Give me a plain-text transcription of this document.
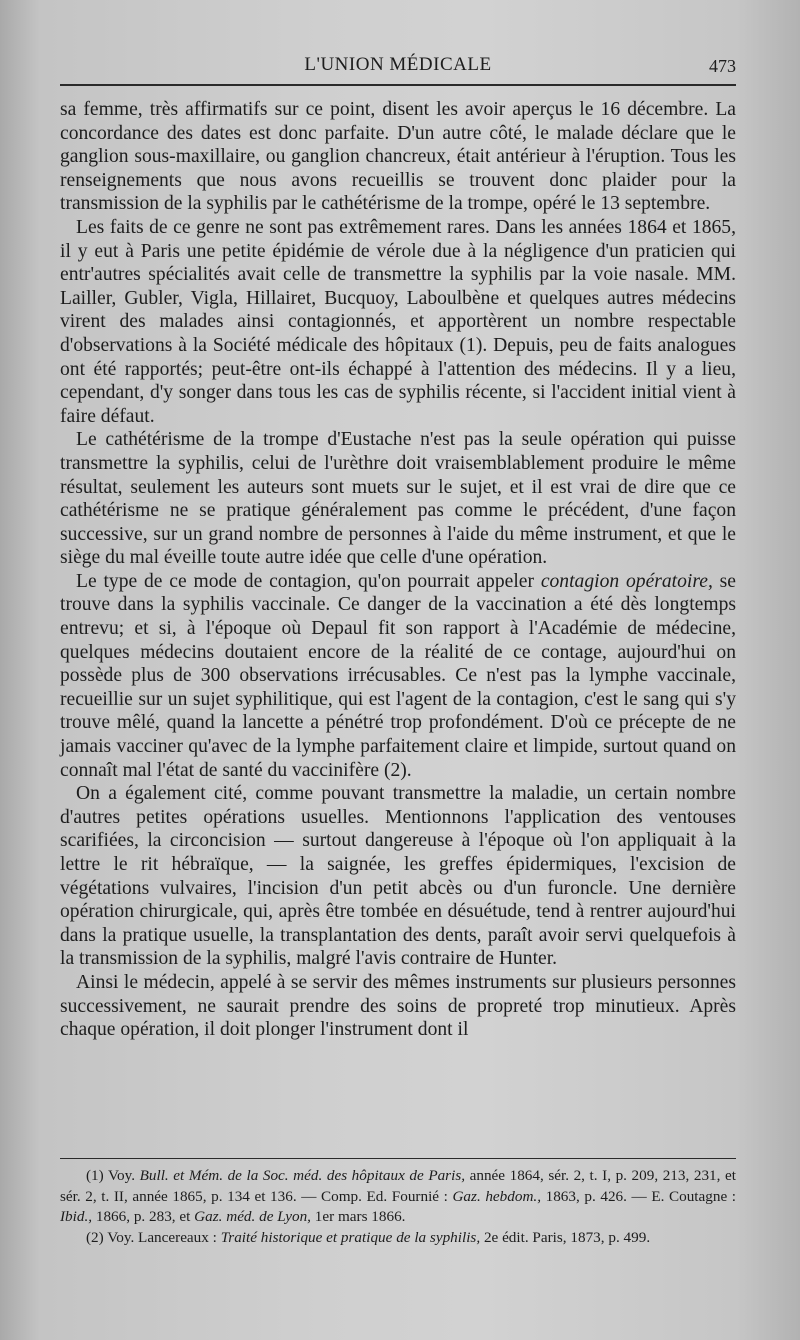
L'UNION MÉDICALE	473

sa femme, très affirmatifs sur ce point, disent les avoir aperçus le 16 décembre. La concordance des dates est donc parfaite. D'un autre côté, le malade déclare que le ganglion sous-maxillaire, ou ganglion chancreux, était antérieur à l'éruption. Tous les renseignements que nous avons recueillis se trouvent donc plaider pour la transmission de la syphilis par le cathétérisme de la trompe, opéré le 13 septembre.

Les faits de ce genre ne sont pas extrêmement rares. Dans les années 1864 et 1865, il y eut à Paris une petite épidémie de vérole due à la négligence d'un praticien qui entr'autres spécialités avait celle de transmettre la syphilis par la voie nasale. MM. Lailler, Gubler, Vigla, Hillairet, Bucquoy, Laboulbène et quelques autres médecins virent des malades ainsi contagionnés, et apportèrent un nombre respectable d'observations à la Société médicale des hôpitaux (1). Depuis, peu de faits analogues ont été rapportés; peut-être ont-ils échappé à l'attention des médecins. Il y a lieu, cependant, d'y songer dans tous les cas de syphilis récente, si l'accident initial vient à faire défaut.

Le cathétérisme de la trompe d'Eustache n'est pas la seule opération qui puisse transmettre la syphilis, celui de l'urèthre doit vraisemblablement produire le même résultat, seulement les auteurs sont muets sur le sujet, et il est vrai de dire que ce cathétérisme ne se pratique généralement pas comme le précédent, d'une façon successive, sur un grand nombre de personnes à l'aide du même instrument, et que le siège du mal éveille toute autre idée que celle d'une opération.

Le type de ce mode de contagion, qu'on pourrait appeler contagion opératoire, se trouve dans la syphilis vaccinale. Ce danger de la vaccination a été dès longtemps entrevu; et si, à l'époque où Depaul fit son rapport à l'Académie de médecine, quelques médecins doutaient encore de la réalité de ce contage, aujourd'hui on possède plus de 300 observations irrécusables. Ce n'est pas la lymphe vaccinale, recueillie sur un sujet syphilitique, qui est l'agent de la contagion, c'est le sang qui s'y trouve mêlé, quand la lancette a pénétré trop profondément. D'où ce précepte de ne jamais vacciner qu'avec de la lymphe parfaitement claire et limpide, surtout quand on connaît mal l'état de santé du vaccinifère (2).

On a également cité, comme pouvant transmettre la maladie, un certain nombre d'autres petites opérations usuelles. Mentionnons l'application des ventouses scarifiées, la circoncision — surtout dangereuse à l'époque où l'on appliquait à la lettre le rit hébraïque, — la saignée, les greffes épidermiques, l'excision de végétations vulvaires, l'incision d'un petit abcès ou d'un furoncle. Une dernière opération chirurgicale, qui, après être tombée en désuétude, tend à rentrer aujourd'hui dans la pratique usuelle, la transplantation des dents, paraît avoir servi quelquefois à la transmission de la syphilis, malgré l'avis contraire de Hunter.

Ainsi le médecin, appelé à se servir des mêmes instruments sur plusieurs personnes successivement, ne saurait prendre des soins de propreté trop minutieux. Après chaque opération, il doit plonger l'instrument dont il

(1) Voy. Bull. et Mém. de la Soc. méd. des hôpitaux de Paris, année 1864, sér. 2, t. I, p. 209, 213, 231, et sér. 2, t. II, année 1865, p. 134 et 136. — Comp. Ed. Fournié : Gaz. hebdom., 1863, p. 426. — E. Coutagne : Ibid., 1866, p. 283, et Gaz. méd. de Lyon, 1er mars 1866.

(2) Voy. Lancereaux : Traité historique et pratique de la syphilis, 2e édit. Paris, 1873, p. 499.
